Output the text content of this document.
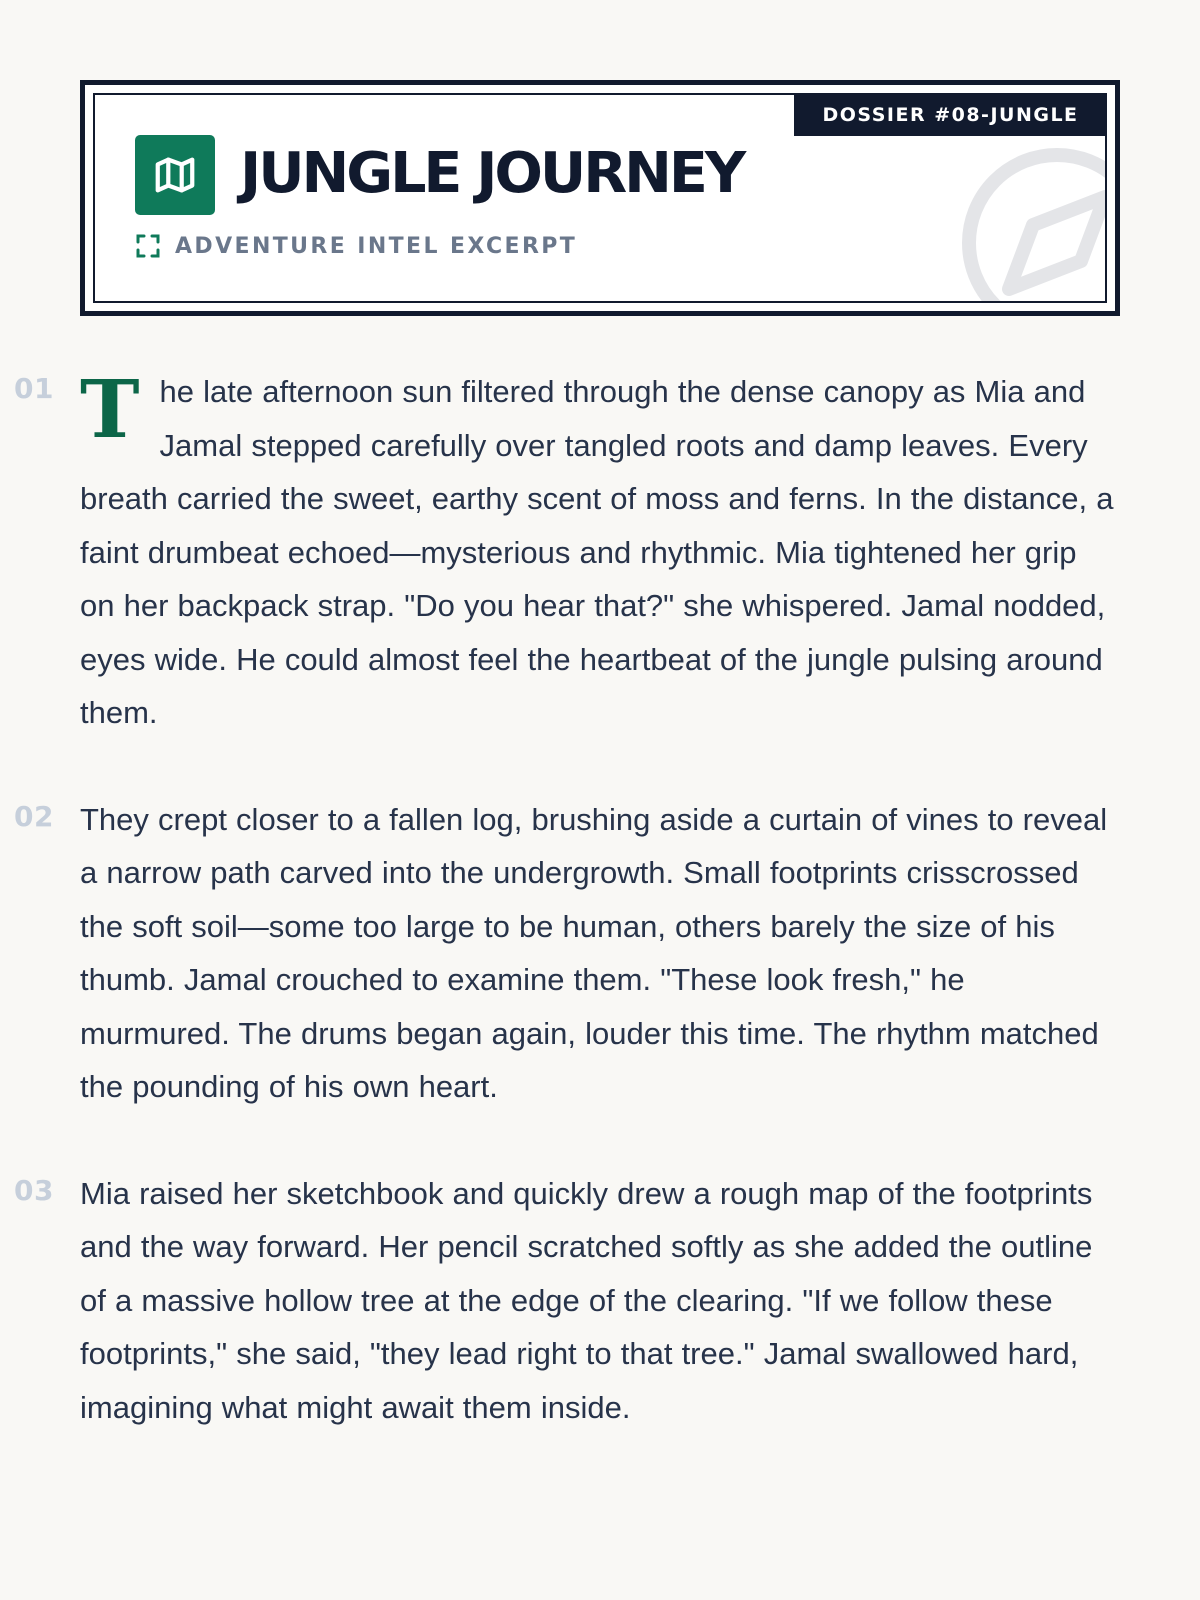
DOSSIER #08-JUNGLE
JUNGLE JOURNEY
ADVENTURE INTEL EXCERPT
01 The late afternoon sun filtered through the dense canopy as Mia and Jamal stepped carefully over tangled roots and damp leaves. Every breath carried the sweet, earthy scent of moss and ferns. In the distance, a faint drumbeat echoed—mysterious and rhythmic. Mia tightened her grip on her backpack strap. "Do you hear that?" she whispered. Jamal nodded, eyes wide. He could almost feel the heartbeat of the jungle pulsing around them.

02 They crept closer to a fallen log, brushing aside a curtain of vines to reveal a narrow path carved into the undergrowth. Small footprints crisscrossed the soft soil—some too large to be human, others barely the size of his thumb. Jamal crouched to examine them. "These look fresh," he murmured. The drums began again, louder this time. The rhythm matched the pounding of his own heart.

03 Mia raised her sketchbook and quickly drew a rough map of the footprints and the way forward. Her pencil scratched softly as she added the outline of a massive hollow tree at the edge of the clearing. "If we follow these footprints," she said, "they lead right to that tree." Jamal swallowed hard, imagining what might await them inside.
